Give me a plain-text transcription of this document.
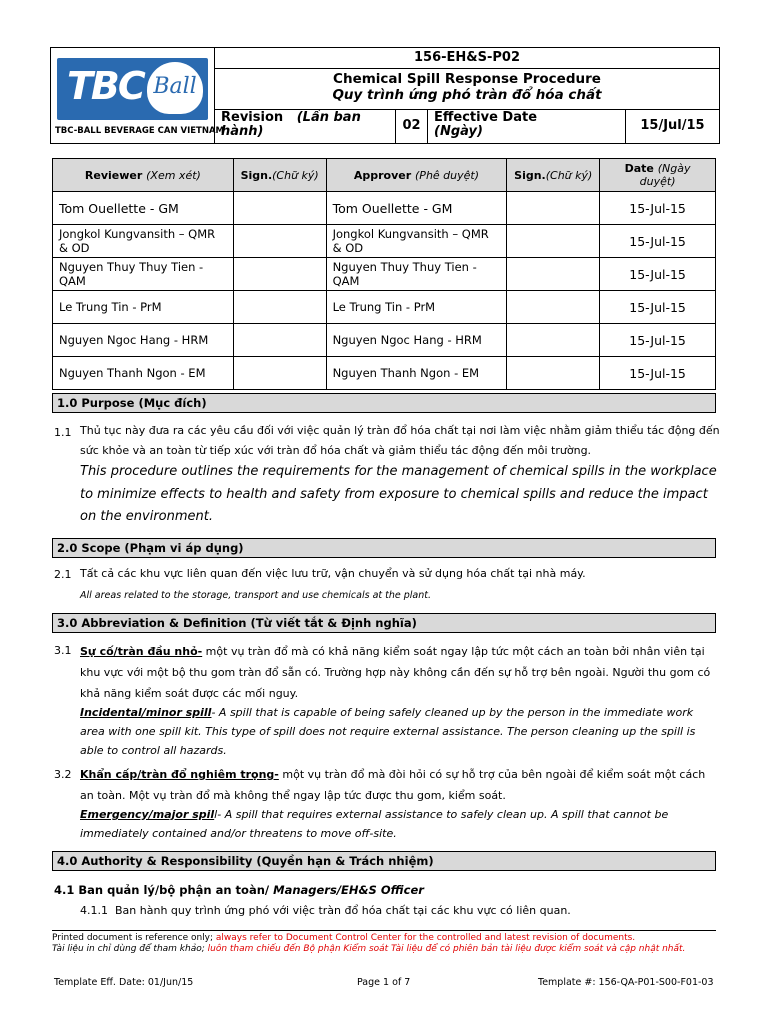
TBC Ball
TBC-BALL BEVERAGE CAN VIETNAM
156-EH&S-P02
Chemical Spill Response Procedure
Quy trình ứng phó tràn đổ hóa chất
Revision (Lần ban hành)	02
Effective Date
(Ngày)	15/Jul/15
Reviewer (Xem xét)	Sign.(Chữ ký)	Approver (Phê duyệt)	Sign.(Chữ ký)	Date (Ngày duyệt)
Tom Ouellette - GM		Tom Ouellette - GM		15-Jul-15
Jongkol Kungvansith – QMR & OD		Jongkol Kungvansith – QMR & OD		15-Jul-15
Nguyen Thuy Thuy Tien - QAM		Nguyen Thuy Thuy Tien - QAM		15-Jul-15
Le Trung Tin - PrM		Le Trung Tin - PrM		15-Jul-15
Nguyen Ngoc Hang - HRM		Nguyen Ngoc Hang - HRM		15-Jul-15
Nguyen Thanh Ngon - EM		Nguyen Thanh Ngon - EM		15-Jul-15
1.0 Purpose (Mục đích)
1.1 Thủ tục này đưa ra các yêu cầu đối với việc quản lý tràn đổ hóa chất tại nơi làm việc nhằm giảm thiểu tác động đến sức khỏe và an toàn từ tiếp xúc với tràn đổ hóa chất và giảm thiểu tác động đến môi trường.
This procedure outlines the requirements for the management of chemical spills in the workplace to minimize effects to health and safety from exposure to chemical spills and reduce the impact on the environment.
2.0 Scope (Phạm vi áp dụng)
2.1 Tất cả các khu vực liên quan đến việc lưu trữ, vận chuyển và sử dụng hóa chất tại nhà máy.
All areas related to the storage, transport and use chemicals at the plant.
3.0 Abbreviation & Definition (Từ viết tắt & Định nghĩa)
3.1 Sự cố/tràn đầu nhỏ- một vụ tràn đổ mà có khả năng kiểm soát ngay lập tức một cách an toàn bởi nhân viên tại khu vực với một bộ thu gom tràn đổ sẵn có. Trường hợp này không cần đến sự hỗ trợ bên ngoài. Người thu gom có khả năng kiểm soát được các mối nguy.
Incidental/minor spill- A spill that is capable of being safely cleaned up by the person in the immediate work area with one spill kit. This type of spill does not require external assistance. The person cleaning up the spill is able to control all hazards.
3.2 Khẩn cấp/tràn đổ nghiêm trọng- một vụ tràn đổ mà đòi hỏi có sự hỗ trợ của bên ngoài để kiểm soát một cách an toàn. Một vụ tràn đổ mà không thể ngay lập tức được thu gom, kiểm soát.
Emergency/major spill- A spill that requires external assistance to safely clean up. A spill that cannot be immediately contained and/or threatens to move off-site.
4.0 Authority & Responsibility (Quyền hạn & Trách nhiệm)
4.1 Ban quản lý/bộ phận an toàn/ Managers/EH&S Officer
4.1.1 Ban hành quy trình ứng phó với việc tràn đổ hóa chất tại các khu vực có liên quan.
Printed document is reference only; always refer to Document Control Center for the controlled and latest revision of documents.
Tài liệu in chỉ dùng để tham khảo; luôn tham chiếu đến Bộ phận Kiểm soát Tài liệu để có phiên bản tài liệu được kiểm soát và cập nhật nhất.
Template Eff. Date: 01/Jun/15	Page 1 of 7	Template #: 156-QA-P01-S00-F01-03
